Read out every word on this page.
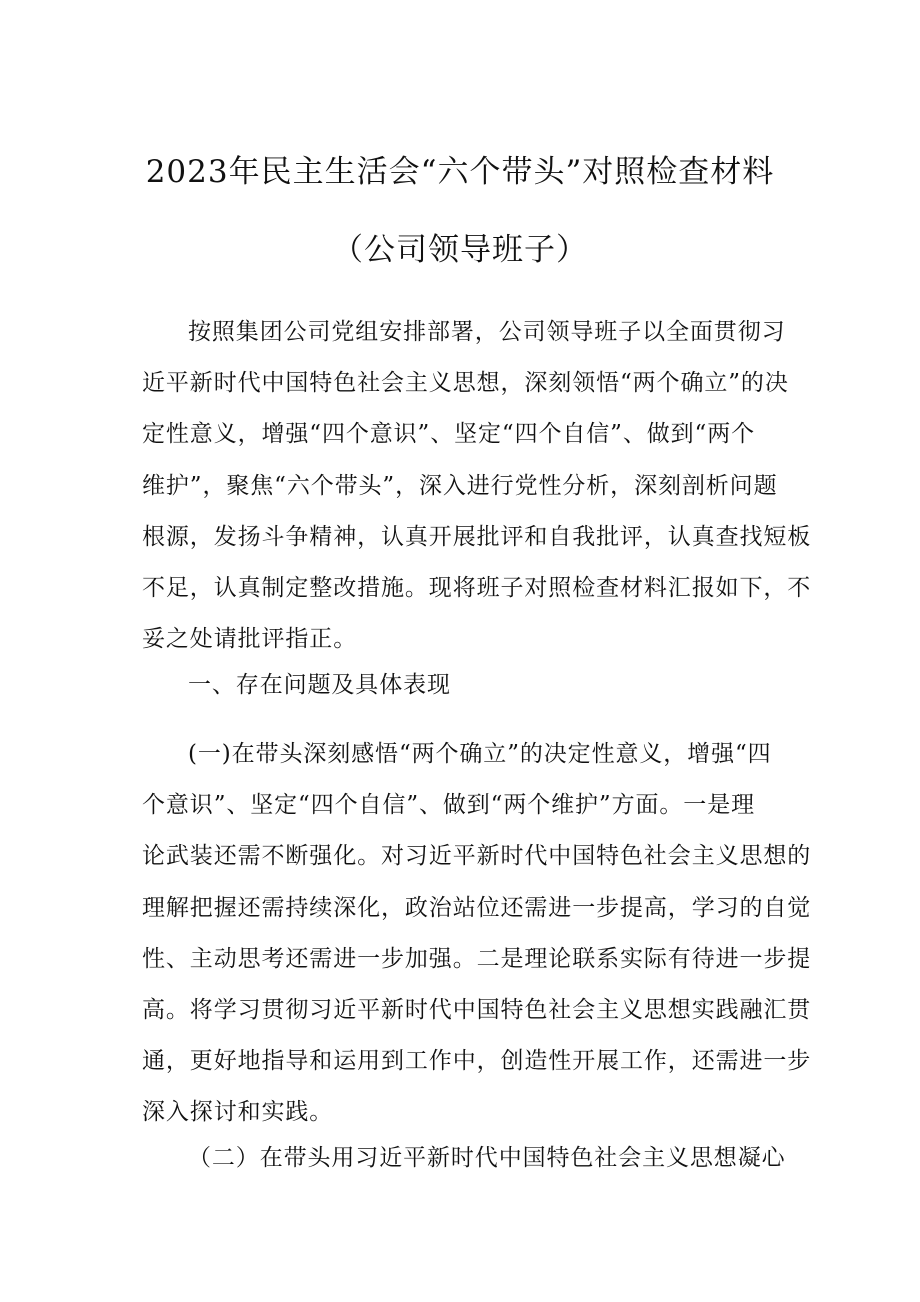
2023年民主生活会“六个带头”对照检查材料
（公司领导班子）
按照集团公司党组安排部署，公司领导班子以全面贯彻习
近平新时代中国特色社会主义思想，深刻领悟“两个确立”的决
定性意义，增强“四个意识”、坚定“四个自信”、做到“两个
维护”，聚焦“六个带头”，深入进行党性分析，深刻剖析问题
根源，发扬斗争精神，认真开展批评和自我批评，认真查找短板
不足，认真制定整改措施。现将班子对照检查材料汇报如下，不
妥之处请批评指正。
一、存在问题及具体表现
(一)在带头深刻感悟“两个确立”的决定性意义，增强“四
个意识”、坚定“四个自信”、做到“两个维护”方面。一是理
论武装还需不断强化。对习近平新时代中国特色社会主义思想的
理解把握还需持续深化，政治站位还需进一步提高，学习的自觉
性、主动思考还需进一步加强。二是理论联系实际有待进一步提
高。将学习贯彻习近平新时代中国特色社会主义思想实践融汇贯
通，更好地指导和运用到工作中，创造性开展工作，还需进一步
深入探讨和实践。
（二）在带头用习近平新时代中国特色社会主义思想凝心
